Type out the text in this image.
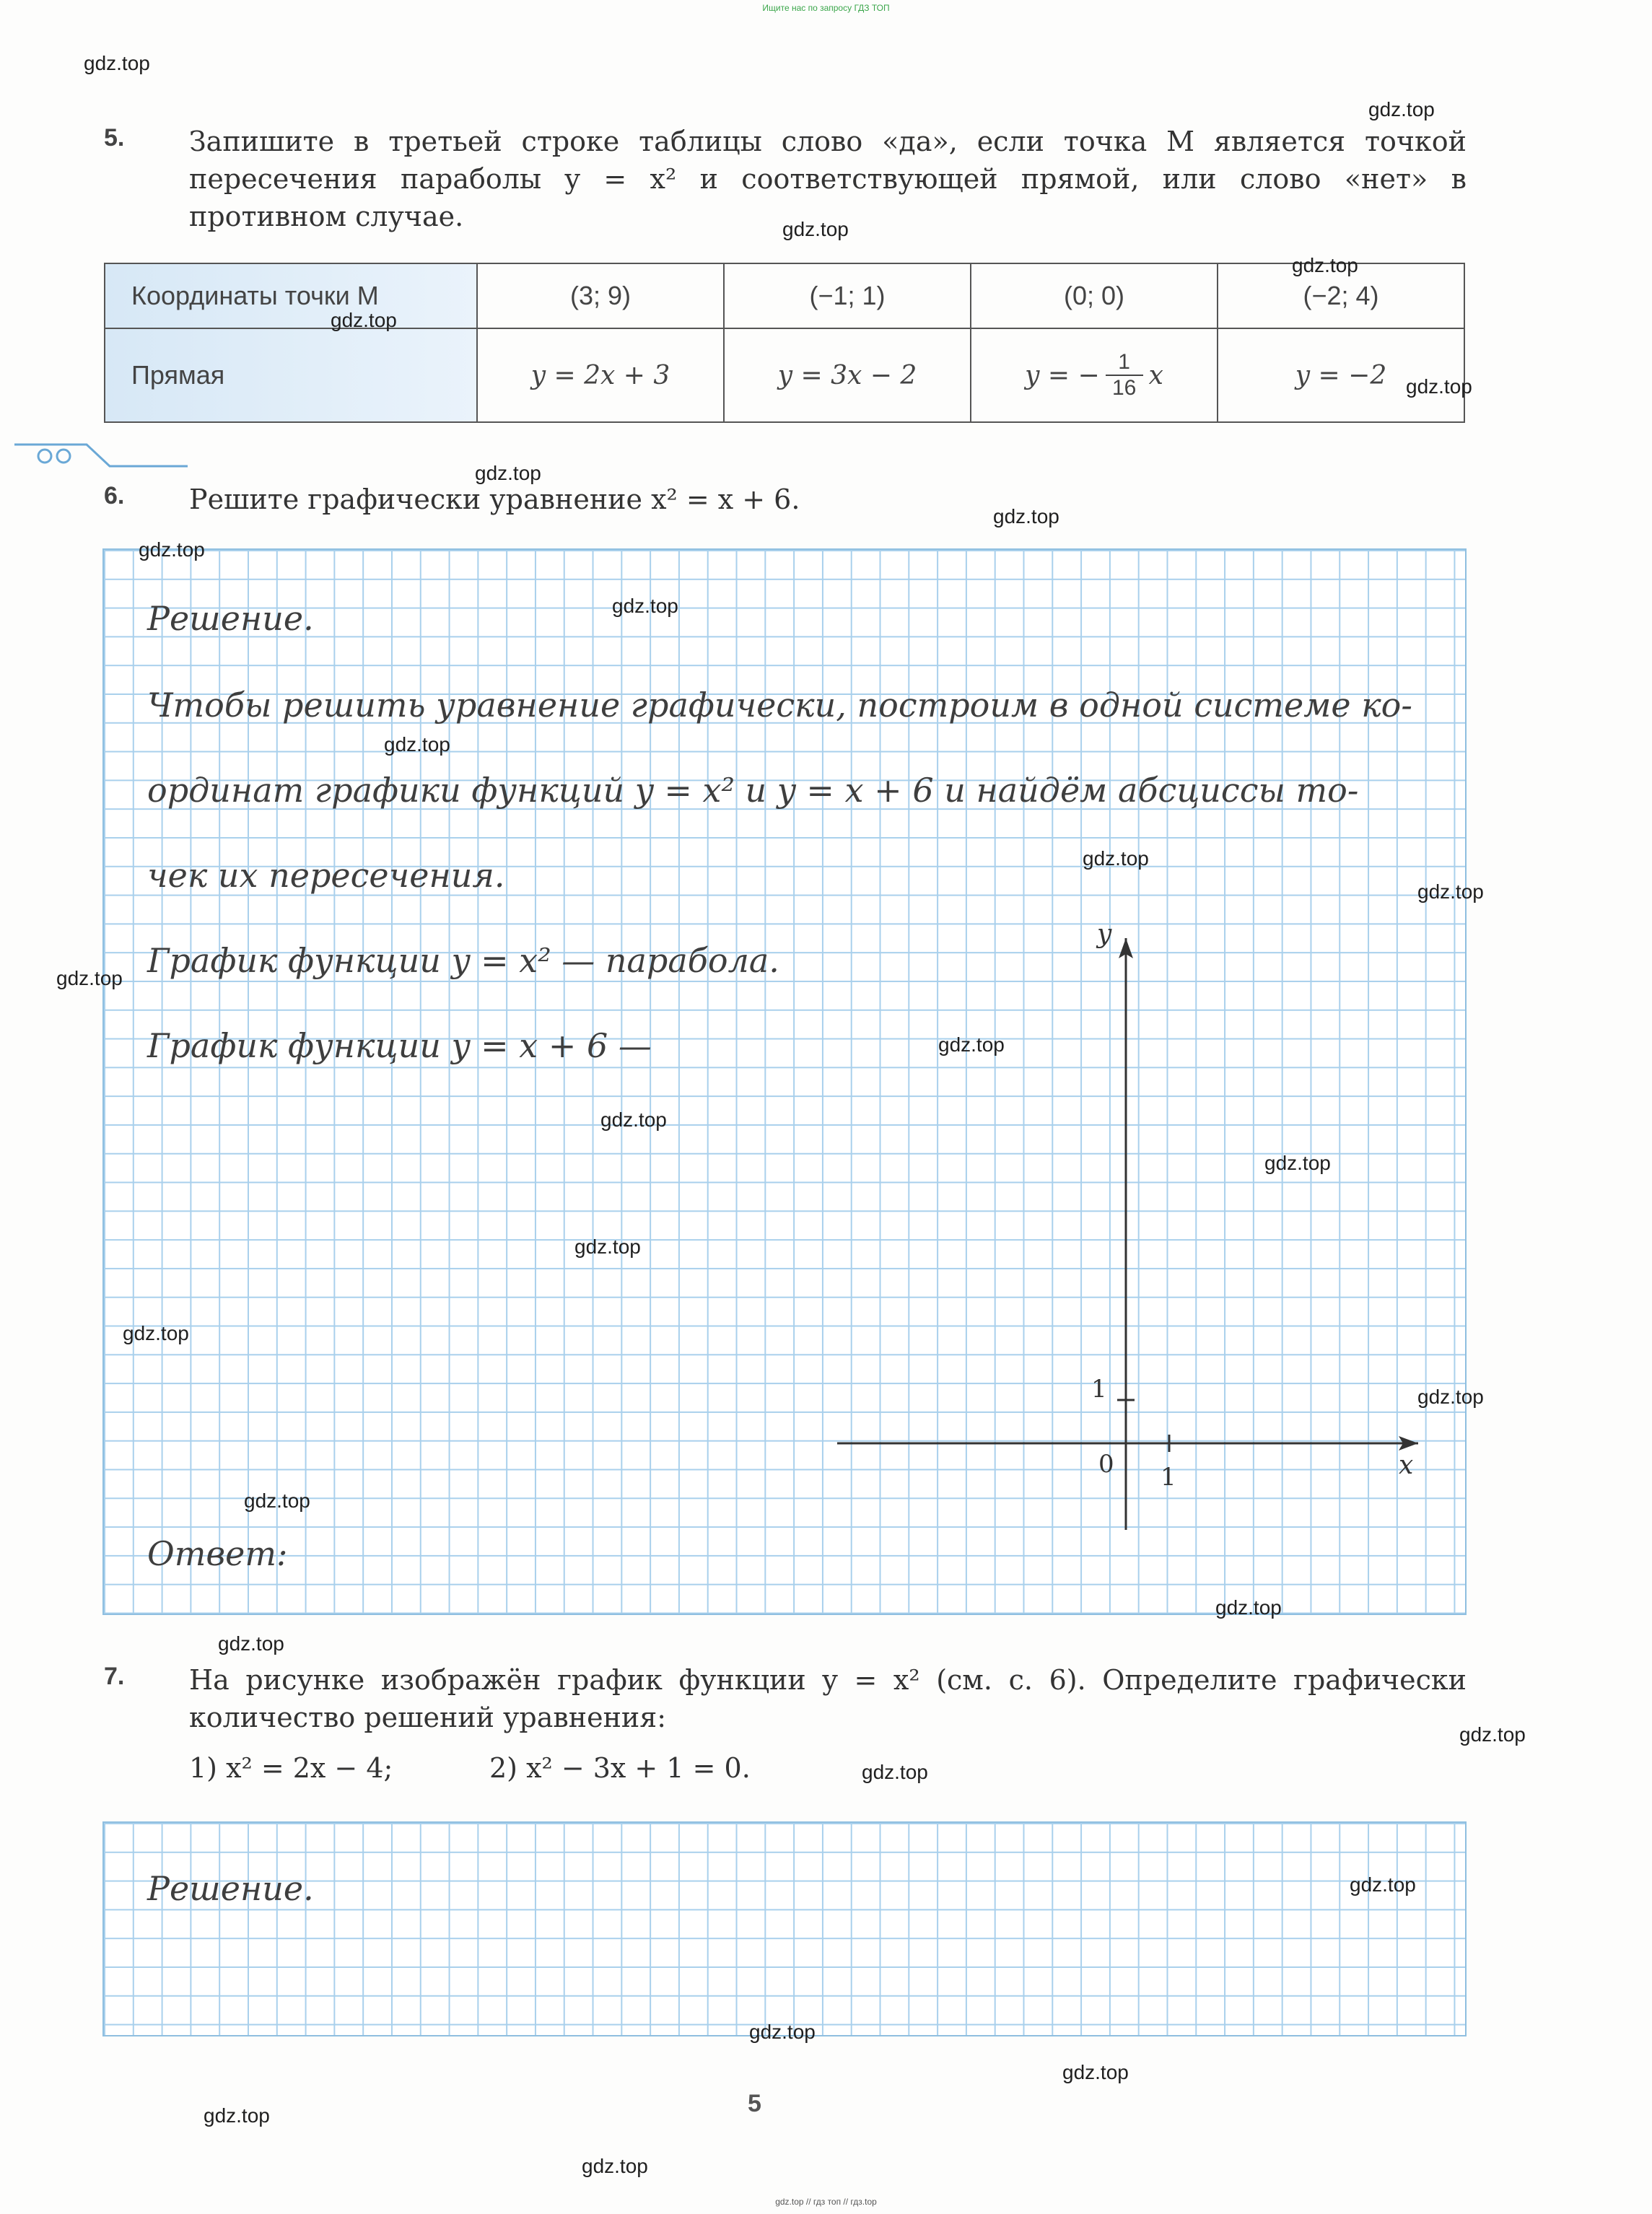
Ищите нас по запросу ГДЗ ТОП
5. Запишите в третьей строке таблицы слово «да», если точка M является точкой пересечения параболы y = x² и соответствующей прямой, или слово «нет» в противном случае.
Координаты точки M	(3; 9)	(−1; 1)	(0; 0)	(−2; 4)
Прямая	y = 2x + 3	y = 3x − 2	y = − $\frac{1}{16}$ x	y = −2
6. Решите графически уравнение x² = x + 6.
Решение.
Чтобы решить уравнение графически, построим в одной системе ко-
ординат графики функций y = x² и y = x + 6 и найдём абсциссы то-
чек их пересечения.
График функции y = x² — парабола.
График функции y = x + 6 —
x
y
0 1
1
Ответ:
7. На рисунке изображён график функции y = x² (см. с. 6). Определите графически количество решений уравнения:
1) x² = 2x − 4;	2) x² − 3x + 1 = 0.
Решение.
5
gdz.top // гдз топ // гдз.top
gdz.top
gdz.top
gdz.top
gdz.top
gdz.top
gdz.top
gdz.top
gdz.top
gdz.top
gdz.top
gdz.top
gdz.top
gdz.top
gdz.top
gdz.top
gdz.top
gdz.top
gdz.top
gdz.top
gdz.top
gdz.top
gdz.top
gdz.top
gdz.top
gdz.top
gdz.top
gdz.top
gdz.top
gdz.top
gdz.top
